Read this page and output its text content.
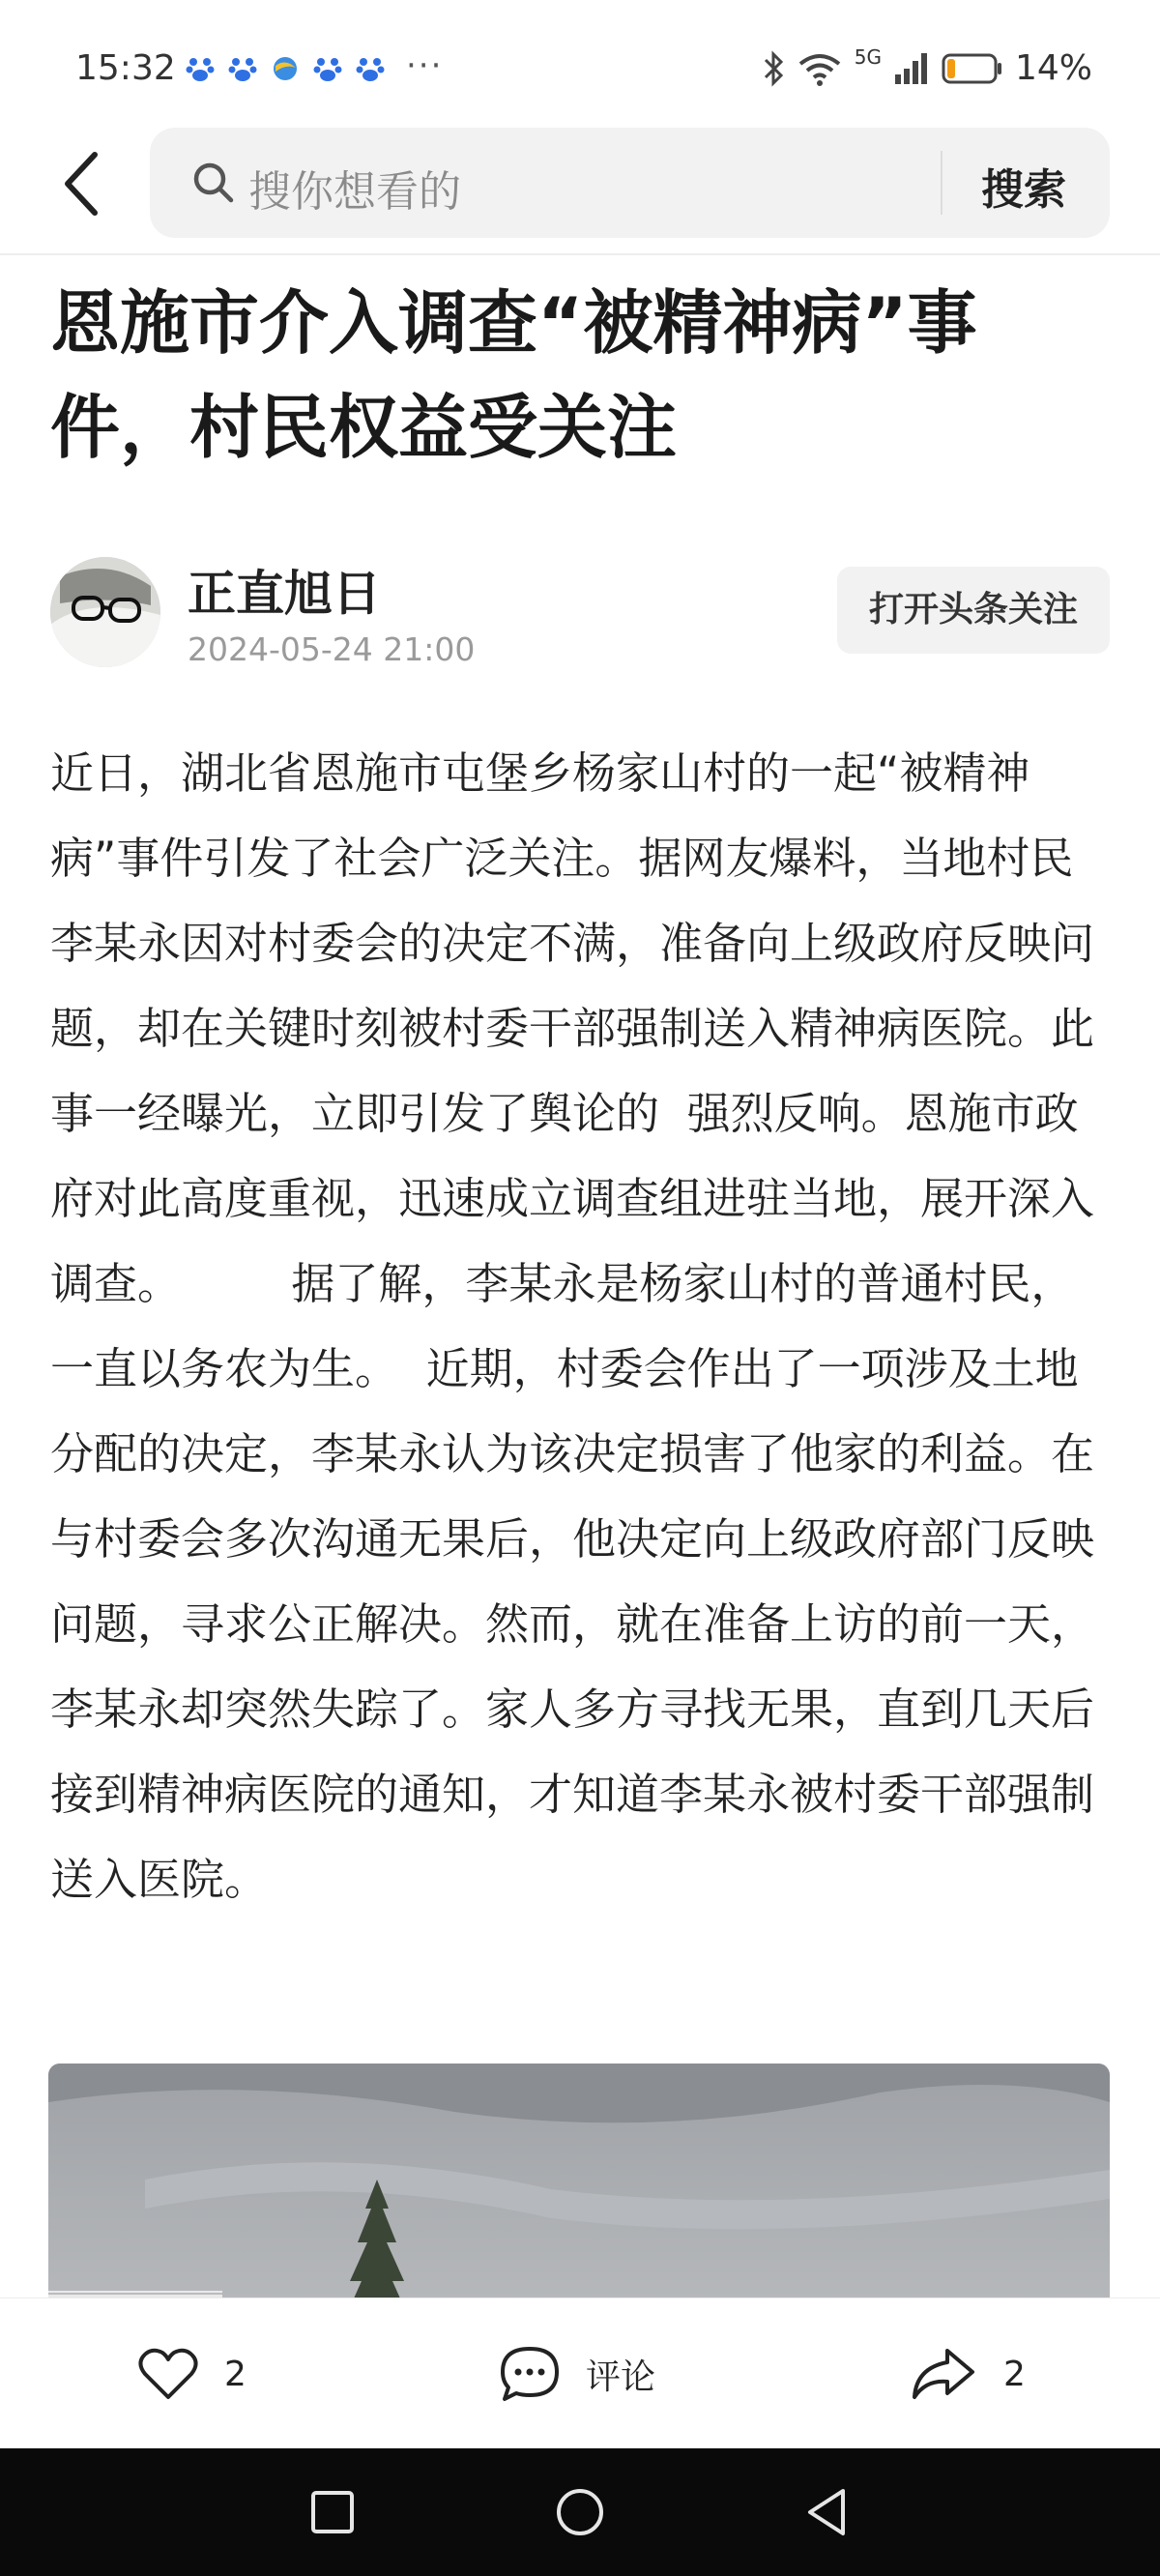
15:32	···	5G	14%
搜你想看的	搜索
恩施市介入调查“被精神病”事件，村民权益受关注
正直旭日
2024-05-24 21:00
打开头条关注
近日，湖北省恩施市屯堡乡杨家山村的一起“被精神病”事件引发了社会广泛关注。据网友爆料，当地村民李某永因对村委会的决定不满，准备向上级政府反映问题，却在关键时刻被村委干部强制送入精神病医院。此事一经曝光，立即引发了舆论的  强烈反响。恩施市政府对此高度重视，迅速成立调查组进驻当地，展开深入调查。        据了解，李某永是杨家山村的普通村民，一直以务农为生。  近期，村委会作出了一项涉及土地分配的决定，李某永认为该决定损害了他家的利益。在与村委会多次沟通无果后，他决定向上级政府部门反映问题，寻求公正解决。然而，就在准备上访的前一天，李某永却突然失踪了。家人多方寻找无果，直到几天后接到精神病医院的通知，才知道李某永被村委干部强制送入医院。
2	评论	2
